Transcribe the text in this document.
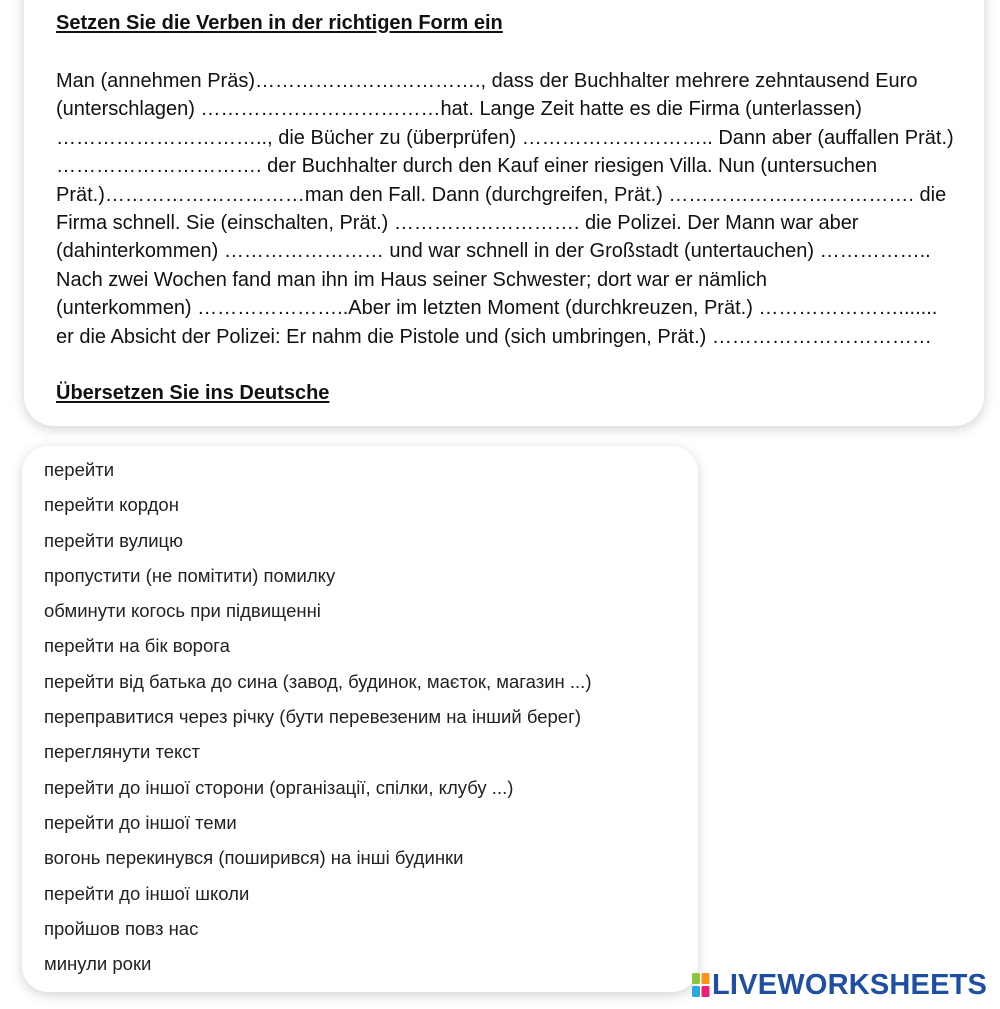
Setzen Sie die Verben in der richtigen Form ein
Man (annehmen Präs)……………………………., dass der Buchhalter mehrere zehntausend Euro
(unterschlagen) ………………………………hat. Lange Zeit hatte es die Firma (unterlassen)
………………………….., die Bücher zu (überprüfen) ……………………….. Dann aber (auffallen Prät.)
…………………………. der Buchhalter durch den Kauf einer riesigen Villa. Nun (untersuchen
Prät.)…………………………man den Fall. Dann (durchgreifen, Prät.) ………………………………. die
Firma schnell. Sie (einschalten, Prät.) ………………………. die Polizei. Der Mann war aber
(dahinterkommen) …………………… und war schnell in der Großstadt (untertauchen) ……………..
Nach zwei Wochen fand man ihn im Haus seiner Schwester; dort war er nämlich
(unterkommen) …………………..Aber im letzten Moment (durchkreuzen, Prät.) ………………….......
er die Absicht der Polizei: Er nahm die Pistole und (sich umbringen, Prät.) ……………………………
Übersetzen Sie ins Deutsche
перейти
перейти кордон
перейти вулицю
пропустити (не помітити) помилку
обминути когось при підвищенні
перейти на бік ворога
перейти від батька до сина (завод, будинок, маєток, магазин ...)
переправитися через річку (бути перевезеним на інший берег)
переглянути текст
перейти до іншої сторони (організації, спілки, клубу ...)
перейти до іншої теми
вогонь перекинувся (поширився) на інші будинки
перейти до іншої школи
пройшов повз нас
минули роки
LIVEWORKSHEETS
